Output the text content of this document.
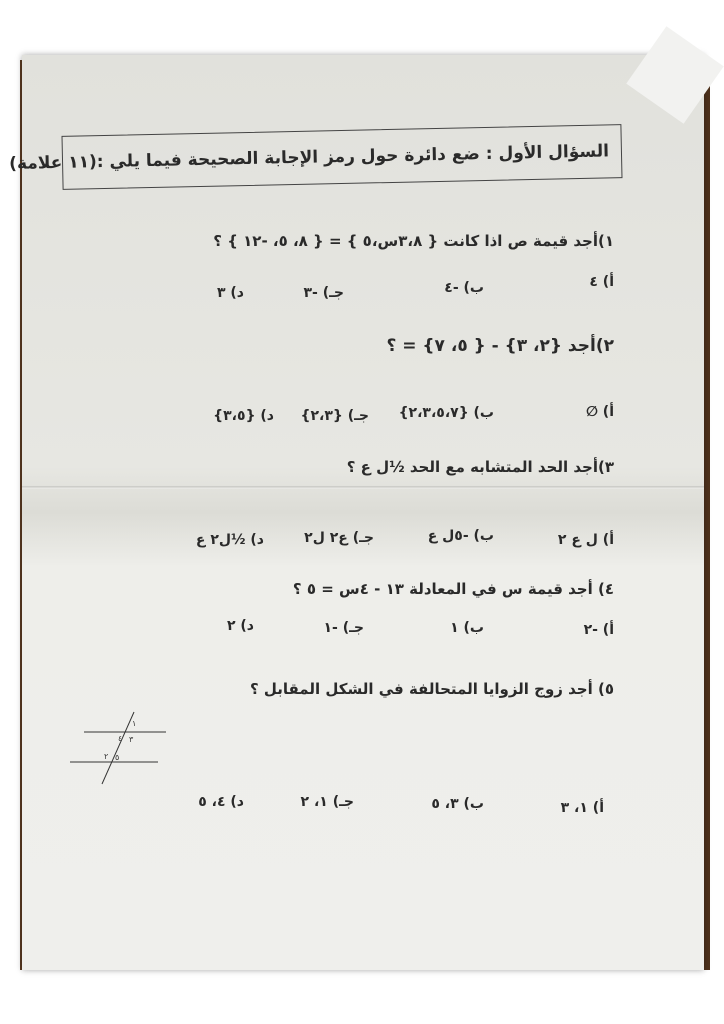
السؤال الأول : ضع دائرة حول رمز الإجابة الصحيحة فيما يلي :(١١ علامة)
١)أجد قيمة ص اذا كانت { ٣،٨س،٥ } = { ٨، ٥، -١٢ } ؟
أ) ٤
ب) -٤
جـ) -٣
د) ٣
٢)أجد {٢، ٣} - { ٥، ٧} = ؟
أ) ∅
ب) {٢،٣،٥،٧}
جـ) {٢،٣}
د) {٣،٥}
٣)أجد الحد المتشابه مع الحد ½ل ع ؟
أ) ل ع ٢
ب) -٥ل ع
جـ) ع٢ ل٢
د) ½ل٢ ع
٤) أجد قيمة س في المعادلة ١٣ - ٤س = ٥ ؟
أ) -٢
ب) ١
جـ) -١
د) ٢
٥) أجد زوج الزوايا المتحالفة في الشكل المقابل ؟
١
٤ ٣
٢ ٥
أ) ١، ٣
ب) ٣، ٥
جـ) ١، ٢
د) ٤، ٥
